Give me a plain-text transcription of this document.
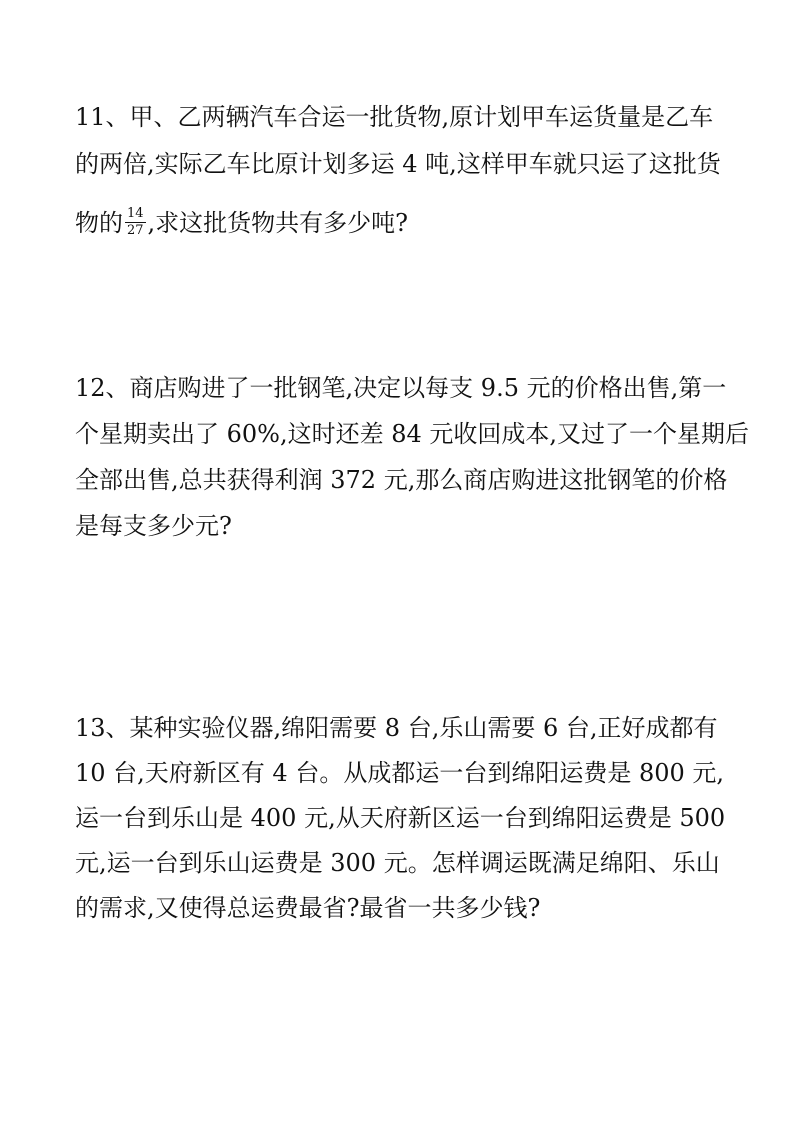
11、甲、乙两辆汽车合运一批货物,原计划甲车运货量是乙车
的两倍,实际乙车比原计划多运 4 吨,这样甲车就只运了这批货
物的 $\frac{14}{27}$ ,求这批货物共有多少吨?
12、商店购进了一批钢笔,决定以每支 9.5 元的价格出售,第一
个星期卖出了 60%,这时还差 84 元收回成本,又过了一个星期后
全部出售,总共获得利润 372 元,那么商店购进这批钢笔的价格
是每支多少元?
13、某种实验仪器,绵阳需要 8 台,乐山需要 6 台,正好成都有
10 台,天府新区有 4 台。从成都运一台到绵阳运费是 800 元,
运一台到乐山是 400 元,从天府新区运一台到绵阳运费是 500
元,运一台到乐山运费是 300 元。怎样调运既满足绵阳、乐山
的需求,又使得总运费最省?最省一共多少钱?
